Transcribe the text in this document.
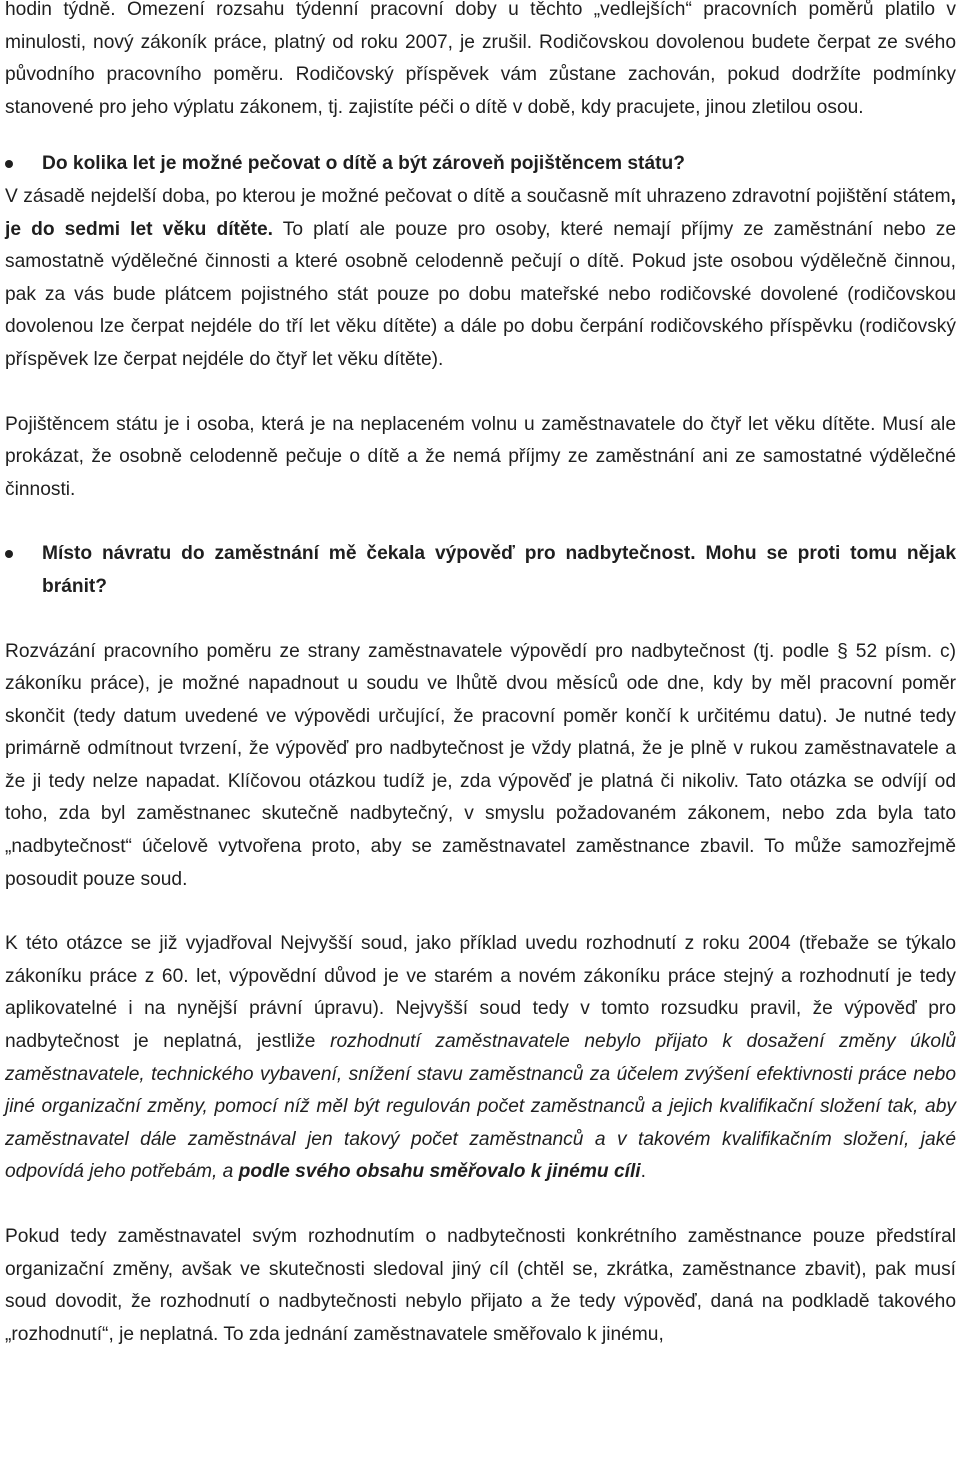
hodin týdně. Omezení rozsahu týdenní pracovní doby u těchto „vedlejších“ pracovních poměrů platilo v minulosti, nový zákoník práce, platný od roku 2007, je zrušil. Rodičovskou dovolenou budete čerpat ze svého původního pracovního poměru. Rodičovský příspěvek vám zůstane zachován, pokud dodržíte podmínky stanovené pro jeho výplatu zákonem, tj. zajistíte péči o dítě v době, kdy pracujete, jinou zletilou osou.

Do kolika let je možné pečovat o dítě a být zároveň pojištěncem státu?

V zásadě nejdelší doba, po kterou je možné pečovat o dítě a současně mít uhrazeno zdravotní pojištění státem, je do sedmi let věku dítěte. To platí ale pouze pro osoby, které nemají příjmy ze zaměstnání nebo ze samostatně výdělečné činnosti a které osobně celodenně pečují o dítě. Pokud jste osobou výdělečně činnou, pak za vás bude plátcem pojistného stát pouze po dobu mateřské nebo rodičovské dovolené (rodičovskou dovolenou lze čerpat nejdéle do tří let věku dítěte) a dále po dobu čerpání rodičovského příspěvku (rodičovský příspěvek lze čerpat nejdéle do čtyř let věku dítěte).

Pojištěncem státu je i osoba, která je na neplaceném volnu u zaměstnavatele do čtyř let věku dítěte. Musí ale prokázat, že osobně celodenně pečuje o dítě a že nemá příjmy ze zaměstnání ani ze samostatné výdělečné činnosti.

Místo návratu do zaměstnání mě čekala výpověď pro nadbytečnost. Mohu se proti tomu nějak bránit?

Rozvázání pracovního poměru ze strany zaměstnavatele výpovědí pro nadbytečnost (tj. podle § 52 písm. c) zákoníku práce), je možné napadnout u soudu ve lhůtě dvou měsíců ode dne, kdy by měl pracovní poměr skončit (tedy datum uvedené ve výpovědi určující, že pracovní poměr končí k určitému datu). Je nutné tedy primárně odmítnout tvrzení, že výpověď pro nadbytečnost je vždy platná, že je plně v rukou zaměstnavatele a že ji tedy nelze napadat. Klíčovou otázkou tudíž je, zda výpověď je platná či nikoliv. Tato otázka se odvíjí od toho, zda byl zaměstnanec skutečně nadbytečný, v smyslu požadovaném zákonem, nebo zda byla tato „nadbytečnost“ účelově vytvořena proto, aby se zaměstnavatel zaměstnance zbavil. To může samozřejmě posoudit pouze soud.

K této otázce se již vyjadřoval Nejvyšší soud, jako příklad uvedu rozhodnutí z roku 2004 (třebaže se týkalo zákoníku práce z 60. let, výpovědní důvod je ve starém a novém zákoníku práce stejný a rozhodnutí je tedy aplikovatelné i na nynější právní úpravu). Nejvyšší soud tedy v tomto rozsudku pravil, že výpověď pro nadbytečnost je neplatná, jestliže rozhodnutí zaměstnavatele nebylo přijato k dosažení změny úkolů zaměstnavatele, technického vybavení, snížení stavu zaměstnanců za účelem zvýšení efektivnosti práce nebo jiné organizační změny, pomocí níž měl být regulován počet zaměstnanců a jejich kvalifikační složení tak, aby zaměstnavatel dále zaměstnával jen takový počet zaměstnanců a v takovém kvalifikačním složení, jaké odpovídá jeho potřebám, a podle svého obsahu směřovalo k jinému cíli.

Pokud tedy zaměstnavatel svým rozhodnutím o nadbytečnosti konkrétního zaměstnance pouze předstíral organizační změny, avšak ve skutečnosti sledoval jiný cíl (chtěl se, zkrátka, zaměstnance zbavit), pak musí soud dovodit, že rozhodnutí o nadbytečnosti nebylo přijato a že tedy výpověď, daná na podkladě takového „rozhodnutí“, je neplatná. To zda jednání zaměstnavatele směřovalo k jinému,
